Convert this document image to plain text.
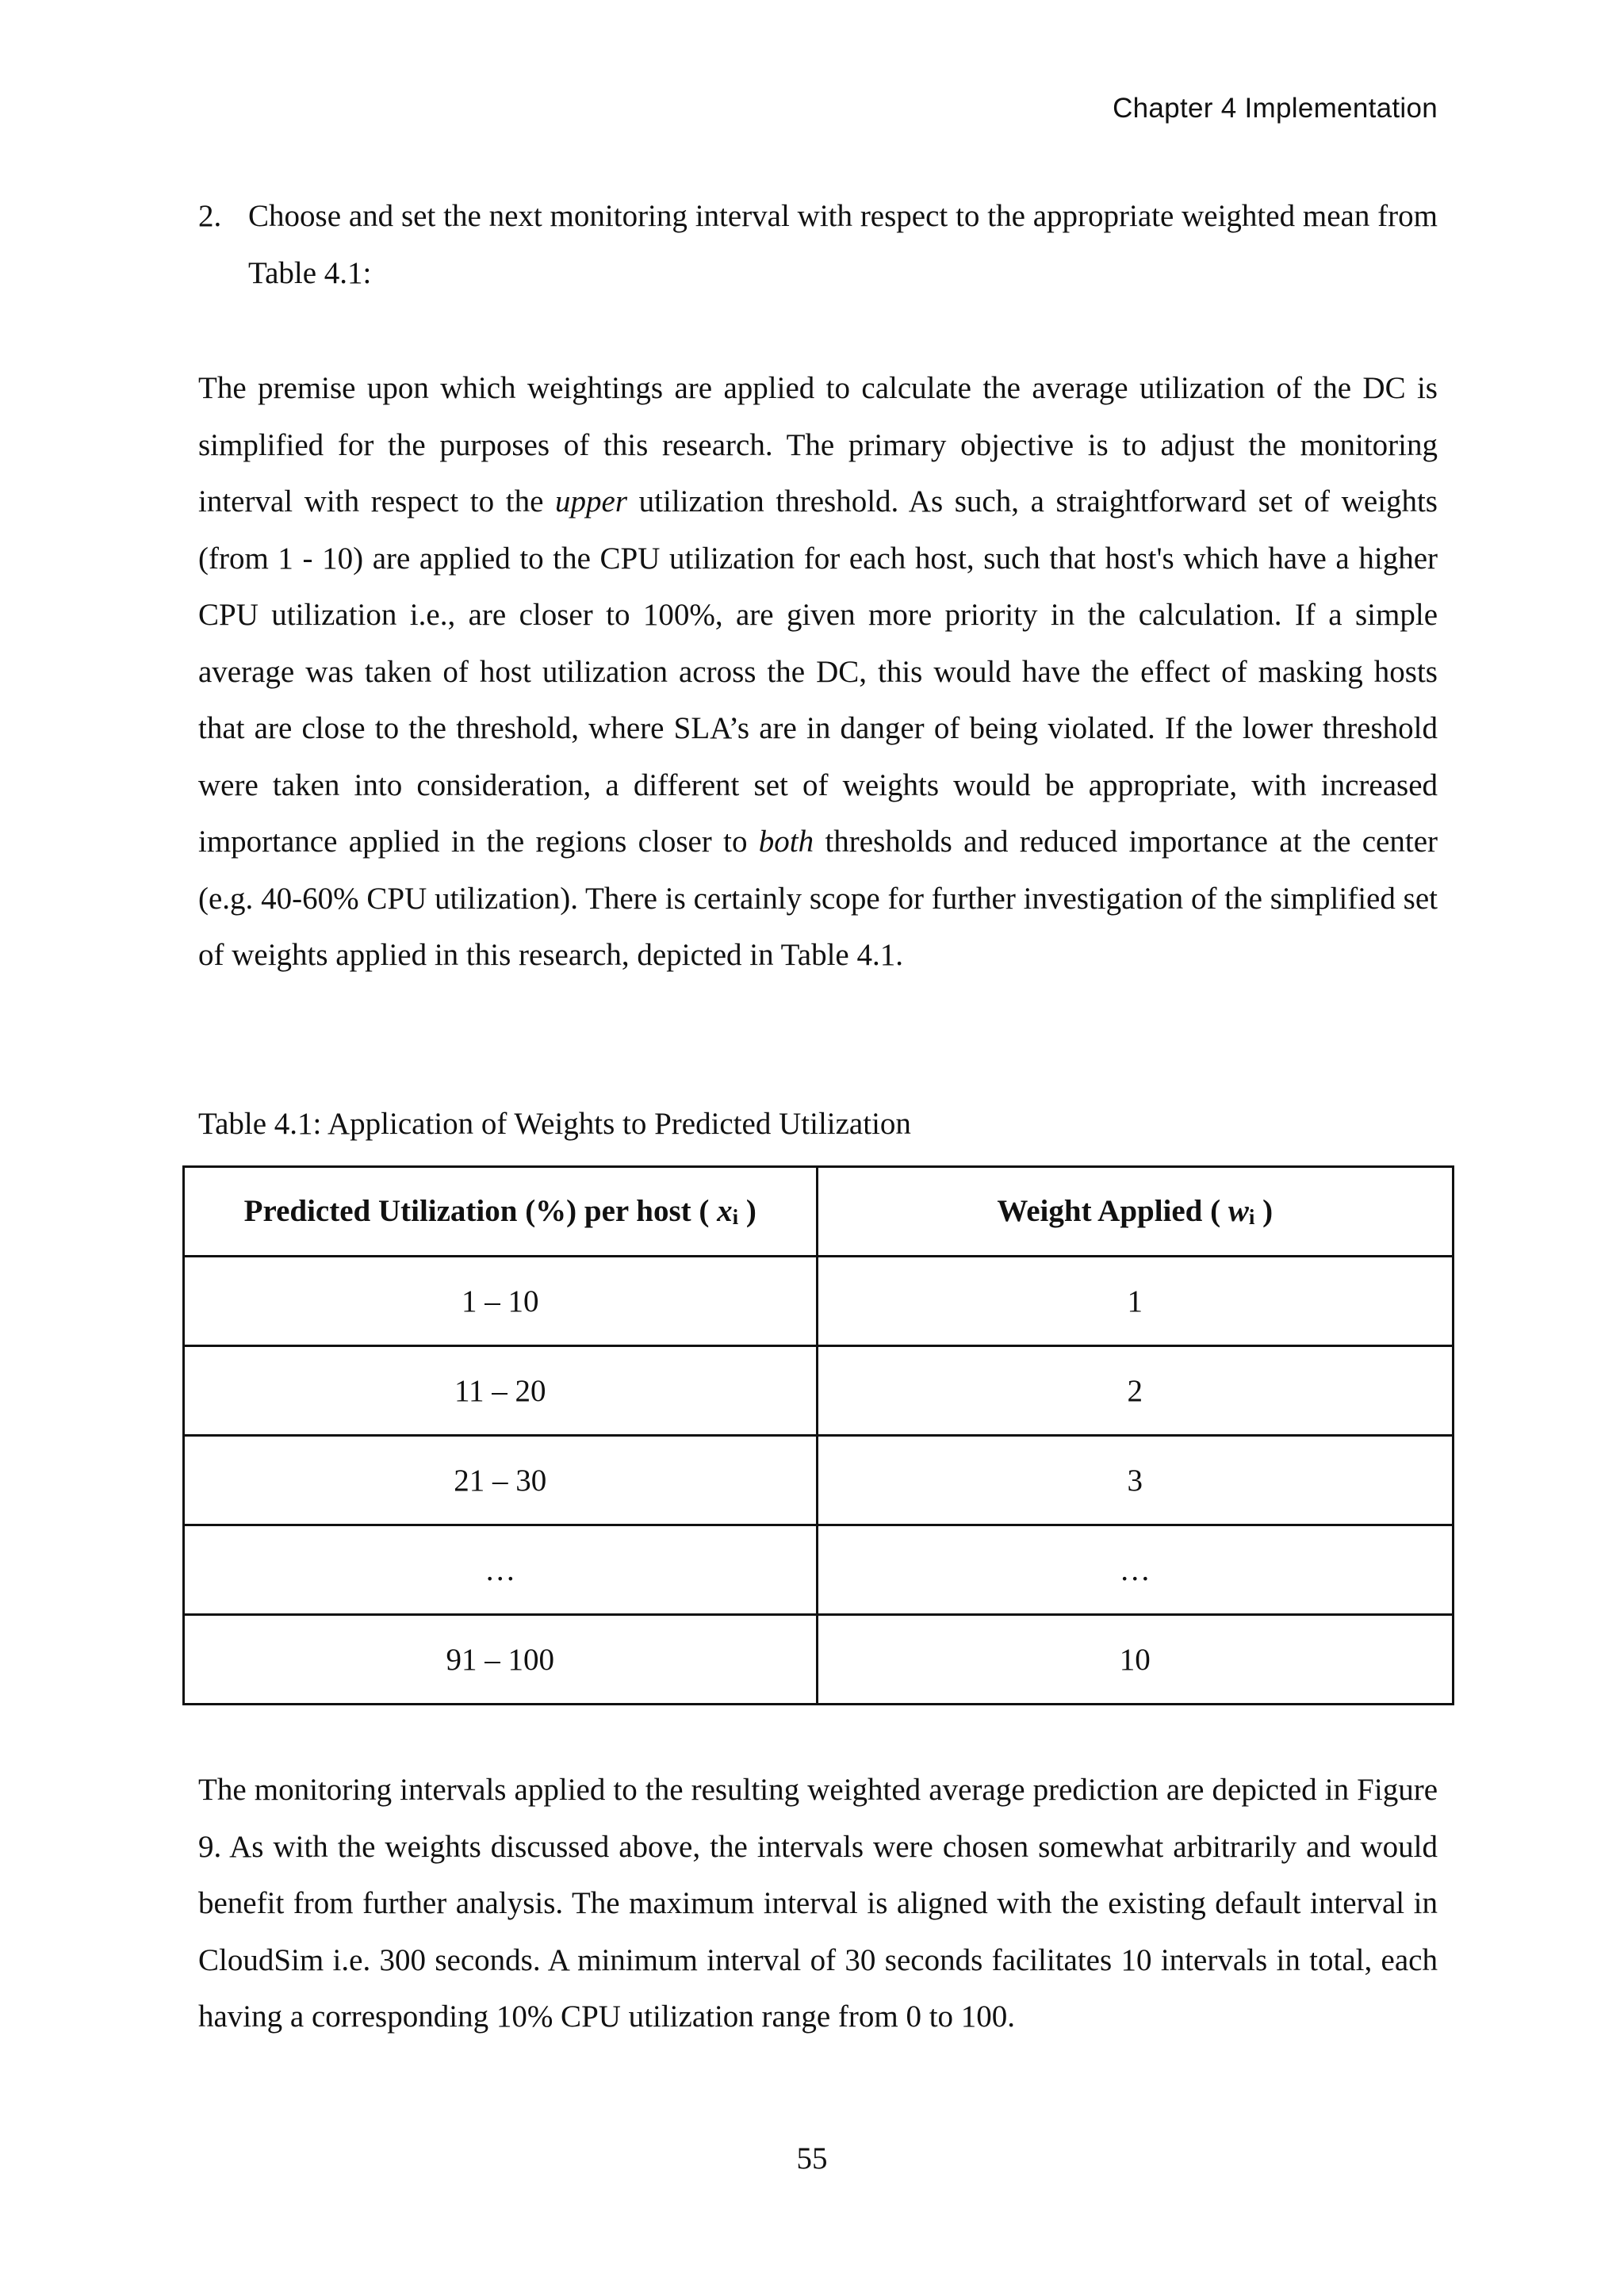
Chapter 4 Implementation
2. Choose and set the next monitoring interval with respect to the appropriate weighted mean from Table 4.1:
The premise upon which weightings are applied to calculate the average utilization of the DC is simplified for the purposes of this research. The primary objective is to adjust the monitoring interval with respect to the upper utilization threshold. As such, a straightforward set of weights (from 1 - 10) are applied to the CPU utilization for each host, such that host's which have a higher CPU utilization i.e., are closer to 100%, are given more priority in the calculation. If a simple average was taken of host utilization across the DC, this would have the effect of masking hosts that are close to the threshold, where SLA’s are in danger of being violated. If the lower threshold were taken into consideration, a different set of weights would be appropriate, with increased importance applied in the regions closer to both thresholds and reduced importance at the center (e.g. 40-60% CPU utilization). There is certainly scope for further investigation of the simplified set of weights applied in this research, depicted in Table 4.1.
Table 4.1: Application of Weights to Predicted Utilization
Predicted Utilization (%) per host ( xi )	Weight Applied ( wi )
1 – 10	1
11 – 20	2
21 – 30	3
…	…
91 – 100	10
The monitoring intervals applied to the resulting weighted average prediction are depicted in Figure 9. As with the weights discussed above, the intervals were chosen somewhat arbitrarily and would benefit from further analysis. The maximum interval is aligned with the existing default interval in CloudSim i.e. 300 seconds. A minimum interval of 30 seconds facilitates 10 intervals in total, each having a corresponding 10% CPU utilization range from 0 to 100.
55
